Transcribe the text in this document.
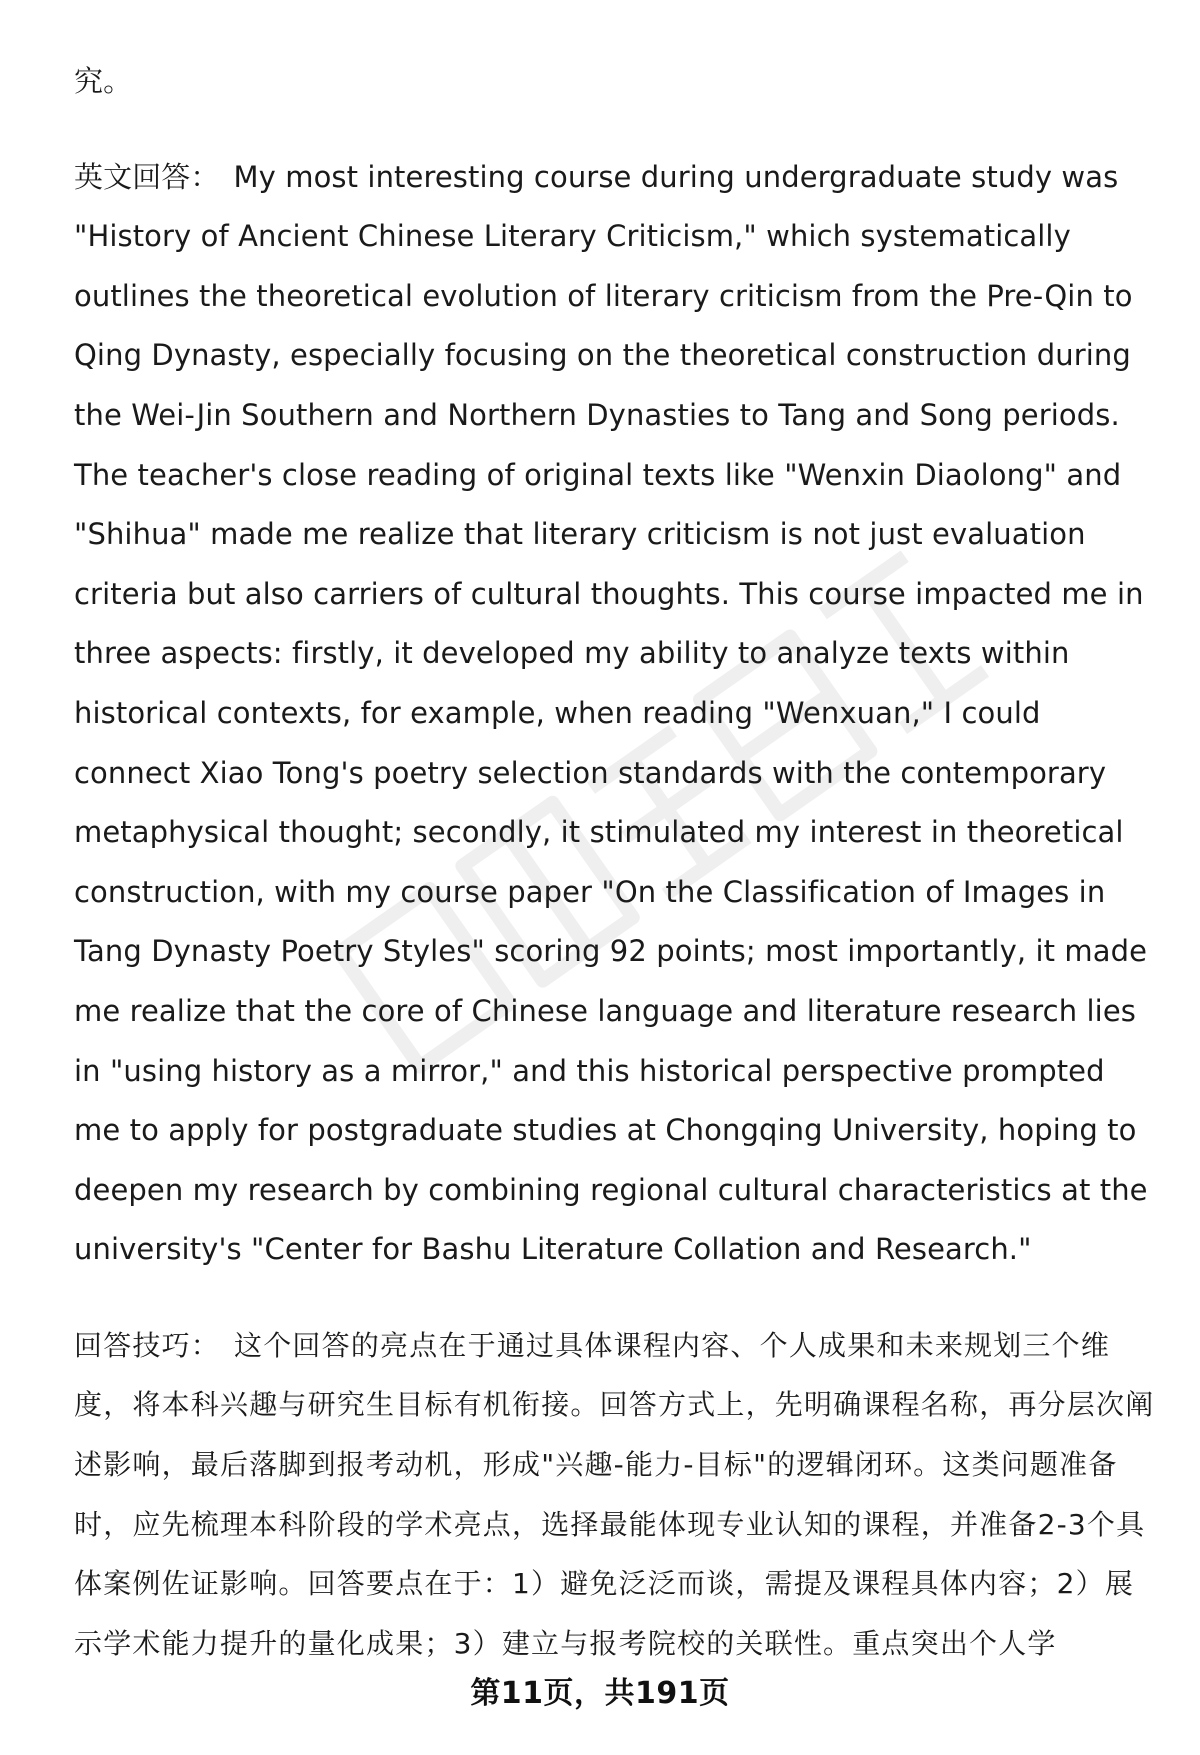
究。

英文回答： My most interesting course during undergraduate study was "History of Ancient Chinese Literary Criticism," which systematically outlines the theoretical evolution of literary criticism from the Pre-Qin to Qing Dynasty, especially focusing on the theoretical construction during the Wei-Jin Southern and Northern Dynasties to Tang and Song periods. The teacher's close reading of original texts like "Wenxin Diaolong" and "Shihua" made me realize that literary criticism is not just evaluation criteria but also carriers of cultural thoughts. This course impacted me in three aspects: firstly, it developed my ability to analyze texts within historical contexts, for example, when reading "Wenxuan," I could connect Xiao Tong's poetry selection standards with the contemporary metaphysical thought; secondly, it stimulated my interest in theoretical construction, with my course paper "On the Classification of Images in Tang Dynasty Poetry Styles" scoring 92 points; most importantly, it made me realize that the core of Chinese language and literature research lies in "using history as a mirror," and this historical perspective prompted me to apply for postgraduate studies at Chongqing University, hoping to deepen my research by combining regional cultural characteristics at the university's "Center for Bashu Literature Collation and Research."

回答技巧： 这个回答的亮点在于通过具体课程内容、个人成果和未来规划三个维度，将本科兴趣与研究生目标有机衔接。回答方式上，先明确课程名称，再分层次阐述影响，最后落脚到报考动机，形成"兴趣-能力-目标"的逻辑闭环。这类问题准备时，应先梳理本科阶段的学术亮点，选择最能体现专业认知的课程，并准备2-3个具体案例佐证影响。回答要点在于：1）避免泛泛而谈，需提及课程具体内容；2）展示学术能力提升的量化成果；3）建立与报考院校的关联性。重点突出个人学

第11页，共191页
